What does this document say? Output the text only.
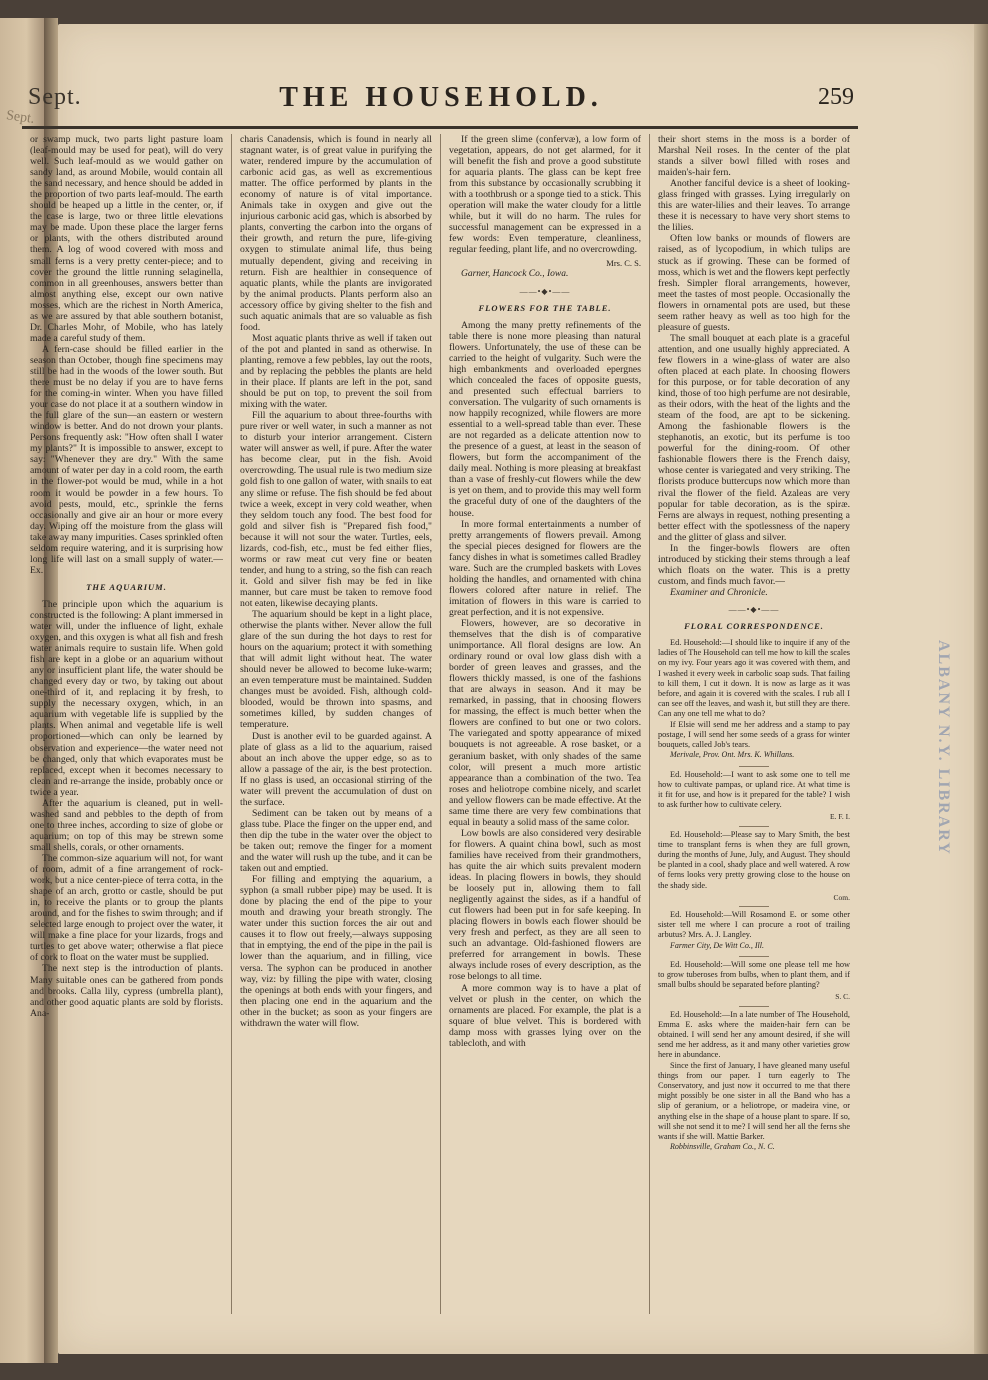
Sept.
Sept.	THE HOUSEHOLD.	259
ALBANY N.Y. LIBRARY

or swamp muck, two parts light pasture loam (leaf-mould may be used for peat), will do very well. Such leaf-mould as we would gather on sandy land, as around Mobile, would contain all the sand necessary, and hence should be added in the proportion of two parts leaf-mould. The earth should be heaped up a little in the center, or, if the case is large, two or three little elevations may be made. Upon these place the larger ferns or plants, with the others distributed around them. A log of wood covered with moss and small ferns is a very pretty center-piece; and to cover the ground the little running selaginella, common in all greenhouses, answers better than almost anything else, except our own native mosses, which are the richest in North America, as we are assured by that able southern botanist, Dr. Charles Mohr, of Mobile, who has lately made a careful study of them.

A fern-case should be filled earlier in the season than October, though fine specimens may still be had in the woods of the lower south. But there must be no delay if you are to have ferns for the coming-in winter. When you have filled your case do not place it at a southern window in the full glare of the sun—an eastern or western window is better. And do not drown your plants. Persons frequently ask: "How often shall I water my plants?" It is impossible to answer, except to say: "Whenever they are dry." With the same amount of water per day in a cold room, the earth in the flower-pot would be mud, while in a hot room it would be powder in a few hours. To avoid pests, mould, etc., sprinkle the ferns occasionally and give air an hour or more every day. Wiping off the moisture from the glass will take away many impurities. Cases sprinkled often seldom require watering, and it is surprising how long life will last on a small supply of water.—Ex.

THE AQUARIUM.

The principle upon which the aquarium is constructed is the following: A plant immersed in water will, under the influence of light, exhale oxygen, and this oxygen is what all fish and fresh water animals require to sustain life. When gold fish are kept in a globe or an aquarium without any or insufficient plant life, the water should be changed every day or two, by taking out about one-third of it, and replacing it by fresh, to supply the necessary oxygen, which, in an aquarium with vegetable life is supplied by the plants. When animal and vegetable life is well proportioned—which can only be learned by observation and experience—the water need not be changed, only that which evaporates must be replaced, except when it becomes necessary to clean and re-arrange the inside, probably once or twice a year.

After the aquarium is cleaned, put in well-washed sand and pebbles to the depth of from one to three inches, according to size of globe or aquarium; on top of this may be strewn some small shells, corals, or other ornaments.

The common-size aquarium will not, for want of room, admit of a fine arrangement of rock-work, but a nice center-piece of terra cotta, in the shape of an arch, grotto or castle, should be put in, to receive the plants or to group the plants around, and for the fishes to swim through; and if selected large enough to project over the water, it will make a fine place for your lizards, frogs and turtles to get above water; otherwise a flat piece of cork to float on the water must be supplied.

The next step is the introduction of plants. Many suitable ones can be gathered from ponds and brooks. Calla lily, cypress (umbrella plant), and other good aquatic plants are sold by florists. Ana-

charis Canadensis, which is found in nearly all stagnant water, is of great value in purifying the water, rendered impure by the accumulation of carbonic acid gas, as well as excrementious matter. The office performed by plants in the economy of nature is of vital importance. Animals take in oxygen and give out the injurious carbonic acid gas, which is absorbed by plants, converting the carbon into the organs of their growth, and return the pure, life-giving oxygen to stimulate animal life, thus being mutually dependent, giving and receiving in return. Fish are healthier in consequence of aquatic plants, while the plants are invigorated by the animal products. Plants perform also an accessory office by giving shelter to the fish and such aquatic animals that are so valuable as fish food.

Most aquatic plants thrive as well if taken out of the pot and planted in sand as otherwise. In planting, remove a few pebbles, lay out the roots, and by replacing the pebbles the plants are held in their place. If plants are left in the pot, sand should be put on top, to prevent the soil from mixing with the water.

Fill the aquarium to about three-fourths with pure river or well water, in such a manner as not to disturb your interior arrangement. Cistern water will answer as well, if pure. After the water has become clear, put in the fish. Avoid overcrowding. The usual rule is two medium size gold fish to one gallon of water, with snails to eat any slime or refuse. The fish should be fed about twice a week, except in very cold weather, when they seldom touch any food. The best food for gold and silver fish is "Prepared fish food," because it will not sour the water. Turtles, eels, lizards, cod-fish, etc., must be fed either flies, worms or raw meat cut very fine or beaten tender, and hung to a string, so the fish can reach it. Gold and silver fish may be fed in like manner, but care must be taken to remove food not eaten, likewise decaying plants.

The aquarium should be kept in a light place, otherwise the plants wither. Never allow the full glare of the sun during the hot days to rest for hours on the aquarium; protect it with something that will admit light without heat. The water should never be allowed to become luke-warm; an even temperature must be maintained. Sudden changes must be avoided. Fish, although cold-blooded, would be thrown into spasms, and sometimes killed, by sudden changes of temperature.

Dust is another evil to be guarded against. A plate of glass as a lid to the aquarium, raised about an inch above the upper edge, so as to allow a passage of the air, is the best protection. If no glass is used, an occasional stirring of the water will prevent the accumulation of dust on the surface.

Sediment can be taken out by means of a glass tube. Place the finger on the upper end, and then dip the tube in the water over the object to be taken out; remove the finger for a moment and the water will rush up the tube, and it can be taken out and emptied.

For filling and emptying the aquarium, a syphon (a small rubber pipe) may be used. It is done by placing the end of the pipe to your mouth and drawing your breath strongly. The water under this suction forces the air out and causes it to flow out freely,—always supposing that in emptying, the end of the pipe in the pail is lower than the aquarium, and in filling, vice versa. The syphon can be produced in another way, viz: by filling the pipe with water, closing the openings at both ends with your fingers, and then placing one end in the aquarium and the other in the bucket; as soon as your fingers are withdrawn the water will flow.

If the green slime (confervæ), a low form of vegetation, appears, do not get alarmed, for it will benefit the fish and prove a good substitute for aquaria plants. The glass can be kept free from this substance by occasionally scrubbing it with a toothbrush or a sponge tied to a stick. This operation will make the water cloudy for a little while, but it will do no harm. The rules for successful management can be expressed in a few words: Even temperature, cleanliness, regular feeding, plant life, and no overcrowding.

Mrs. C. S.
Garner, Hancock Co., Iowa.
——•◆•——
FLOWERS FOR THE TABLE.

Among the many pretty refinements of the table there is none more pleasing than natural flowers. Unfortunately, the use of these can be carried to the height of vulgarity. Such were the high embankments and overloaded epergnes which concealed the faces of opposite guests, and presented such effectual barriers to conversation. The vulgarity of such ornaments is now happily recognized, while flowers are more essential to a well-spread table than ever. These are not regarded as a delicate attention now to the presence of a guest, at least in the season of flowers, but form the accompaniment of the daily meal. Nothing is more pleasing at breakfast than a vase of freshly-cut flowers while the dew is yet on them, and to provide this may well form the graceful duty of one of the daughters of the house.

In more formal entertainments a number of pretty arrangements of flowers prevail. Among the special pieces designed for flowers are the fancy dishes in what is sometimes called Bradley ware. Such are the crumpled baskets with Loves holding the handles, and ornamented with china flowers colored after nature in relief. The imitation of flowers in this ware is carried to great perfection, and it is not expensive.

Flowers, however, are so decorative in themselves that the dish is of comparative unimportance. All floral designs are low. An ordinary round or oval low glass dish with a border of green leaves and grasses, and the flowers thickly massed, is one of the fashions that are always in season. And it may be remarked, in passing, that in choosing flowers for massing, the effect is much better when the flowers are confined to but one or two colors. The variegated and spotty appearance of mixed bouquets is not agreeable. A rose basket, or a geranium basket, with only shades of the same color, will present a much more artistic appearance than a combination of the two. Tea roses and heliotrope combine nicely, and scarlet and yellow flowers can be made effective. At the same time there are very few combinations that equal in beauty a solid mass of the same color.

Low bowls are also considered very desirable for flowers. A quaint china bowl, such as most families have received from their grandmothers, has quite the air which suits prevalent modern ideas. In placing flowers in bowls, they should be loosely put in, allowing them to fall negligently against the sides, as if a handful of cut flowers had been put in for safe keeping. In placing flowers in bowls each flower should be very fresh and perfect, as they are all seen to such an advantage. Old-fashioned flowers are preferred for arrangement in bowls. These always include roses of every description, as the rose belongs to all time.

A more common way is to have a plat of velvet or plush in the center, on which the ornaments are placed. For example, the plat is a square of blue velvet. This is bordered with damp moss with grasses lying over on the tablecloth, and with

their short stems in the moss is a border of Marshal Neil roses. In the center of the plat stands a silver bowl filled with roses and maiden's-hair fern.

Another fanciful device is a sheet of looking-glass fringed with grasses. Lying irregularly on this are water-lilies and their leaves. To arrange these it is necessary to have very short stems to the lilies.

Often low banks or mounds of flowers are raised, as of lycopodium, in which tulips are stuck as if growing. These can be formed of moss, which is wet and the flowers kept perfectly fresh. Simpler floral arrangements, however, meet the tastes of most people. Occasionally the flowers in ornamental pots are used, but these seem rather heavy as well as too high for the pleasure of guests.

The small bouquet at each plate is a graceful attention, and one usually highly appreciated. A few flowers in a wine-glass of water are also often placed at each plate. In choosing flowers for this purpose, or for table decoration of any kind, those of too high perfume are not desirable, as their odors, with the heat of the lights and the steam of the food, are apt to be sickening. Among the fashionable flowers is the stephanotis, an exotic, but its perfume is too powerful for the dining-room. Of other fashionable flowers there is the French daisy, whose center is variegated and very striking. The florists produce buttercups now which more than rival the flower of the field. Azaleas are very popular for table decoration, as is the spiræ. Ferns are always in request, nothing presenting a better effect with the spotlessness of the napery and the glitter of glass and silver.

In the finger-bowls flowers are often introduced by sticking their stems through a leaf which floats on the water. This is a pretty custom, and finds much favor.—

Examiner and Chronicle.

——•◆•——
FLORAL CORRESPONDENCE.

Ed. Household:—I should like to inquire if any of the ladies of The Household can tell me how to kill the scales on my ivy. Four years ago it was covered with them, and I washed it every week in carbolic soap suds. That failing to kill them, I cut it down. It is now as large as it was before, and again it is covered with the scales. I rub all I can see off the leaves, and wash it, but still they are there. Can any one tell me what to do?

If Elsie will send me her address and a stamp to pay postage, I will send her some seeds of a grass for winter bouquets, called Job's tears.

Merivale, Prov. Ont. Mrs. K. Whillans.

Ed. Household:—I want to ask some one to tell me how to cultivate pampas, or upland rice. At what time is it fit for use, and how is it prepared for the table? I wish to ask further how to cultivate celery.

E. F. I.

Ed. Household:—Please say to Mary Smith, the best time to transplant ferns is when they are full grown, during the months of June, July, and August. They should be planted in a cool, shady place and well watered. A row of ferns looks very pretty growing close to the house on the shady side.

Com.

Ed. Household:—Will Rosamond E. or some other sister tell me where I can procure a root of trailing arbutus? Mrs. A. J. Langley.

Farmer City, De Witt Co., Ill.

Ed. Household:—Will some one please tell me how to grow tuberoses from bulbs, when to plant them, and if small bulbs should be separated before planting?

S. C.

Ed. Household:—In a late number of The Household, Emma E. asks where the maiden-hair fern can be obtained. I will send her any amount desired, if she will send me her address, as it and many other varieties grow here in abundance.

Since the first of January, I have gleaned many useful things from our paper. I turn eagerly to The Conservatory, and just now it occurred to me that there might possibly be one sister in all the Band who has a slip of geranium, or a heliotrope, or madeira vine, or anything else in the shape of a house plant to spare. If so, will she not send it to me? I will send her all the ferns she wants if she will. Mattie Barker.

Robbinsville, Graham Co., N. C.
